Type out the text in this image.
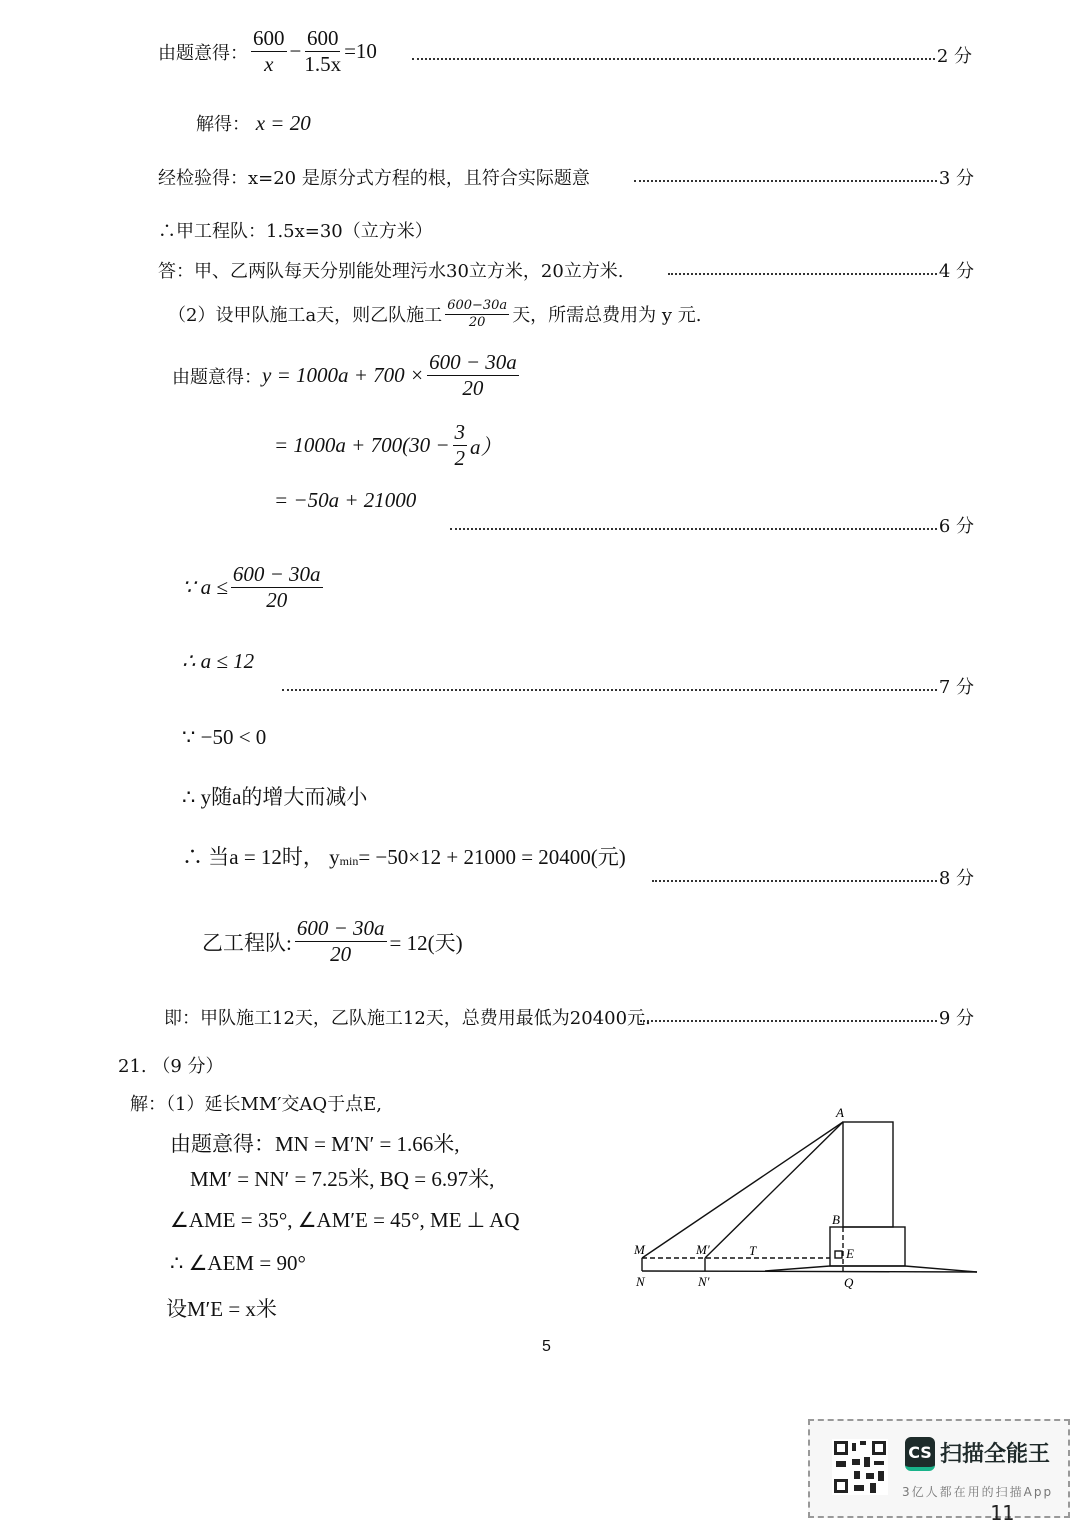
由题意得： $\frac{600}{x} - \frac{600}{1.5x} =10$	2 分
解得：
x = 20
经检验得：x=20 是原分式方程的根，且符合实际题意	3 分
∴甲工程队：1.5x=30（立方米）
答：甲、乙两队每天分别能处理污水30立方米，20立方米.	4 分
（2）设甲队施工a天，则乙队施工 $\frac{600-30a}{20}$ 天，所需总费用为 y 元.
由题意得： $y = 1000a + 700 \times \frac{600 - 30a}{20}$
= $1000a + 700(30 - \frac{3}{2} a)$
= −50a + 21000
6 分
∵ $a \le \frac{600 - 30a}{20}$
∴ a ≤ 12
7 分
∵ −50 < 0
∴ y随a的增大而减小
∴ 当a = 12时， $y_{min} = -50\times 12 + 21000 = 20400$(元)
8 分
乙工程队: $\frac{600 - 30a}{20} = 12$(天)
即：甲队施工12天，乙队施工12天，总费用最低为20400元.	9 分
21. （9 分）
解：（1）延长MM′交AQ于点E,
由题意得：MN = M′N′ = 1.66米,
MM′ = NN′ = 7.25米, BQ = 6.97米,
∠AME = 35°, ∠AM′E = 45°, ME ⊥ AQ
∴ ∠AEM = 90°
设M′E = x米
A
B
E
M	M′	T
N	N′	Q
5
CS 扫描全能王
3亿人都在用的扫描App
11
